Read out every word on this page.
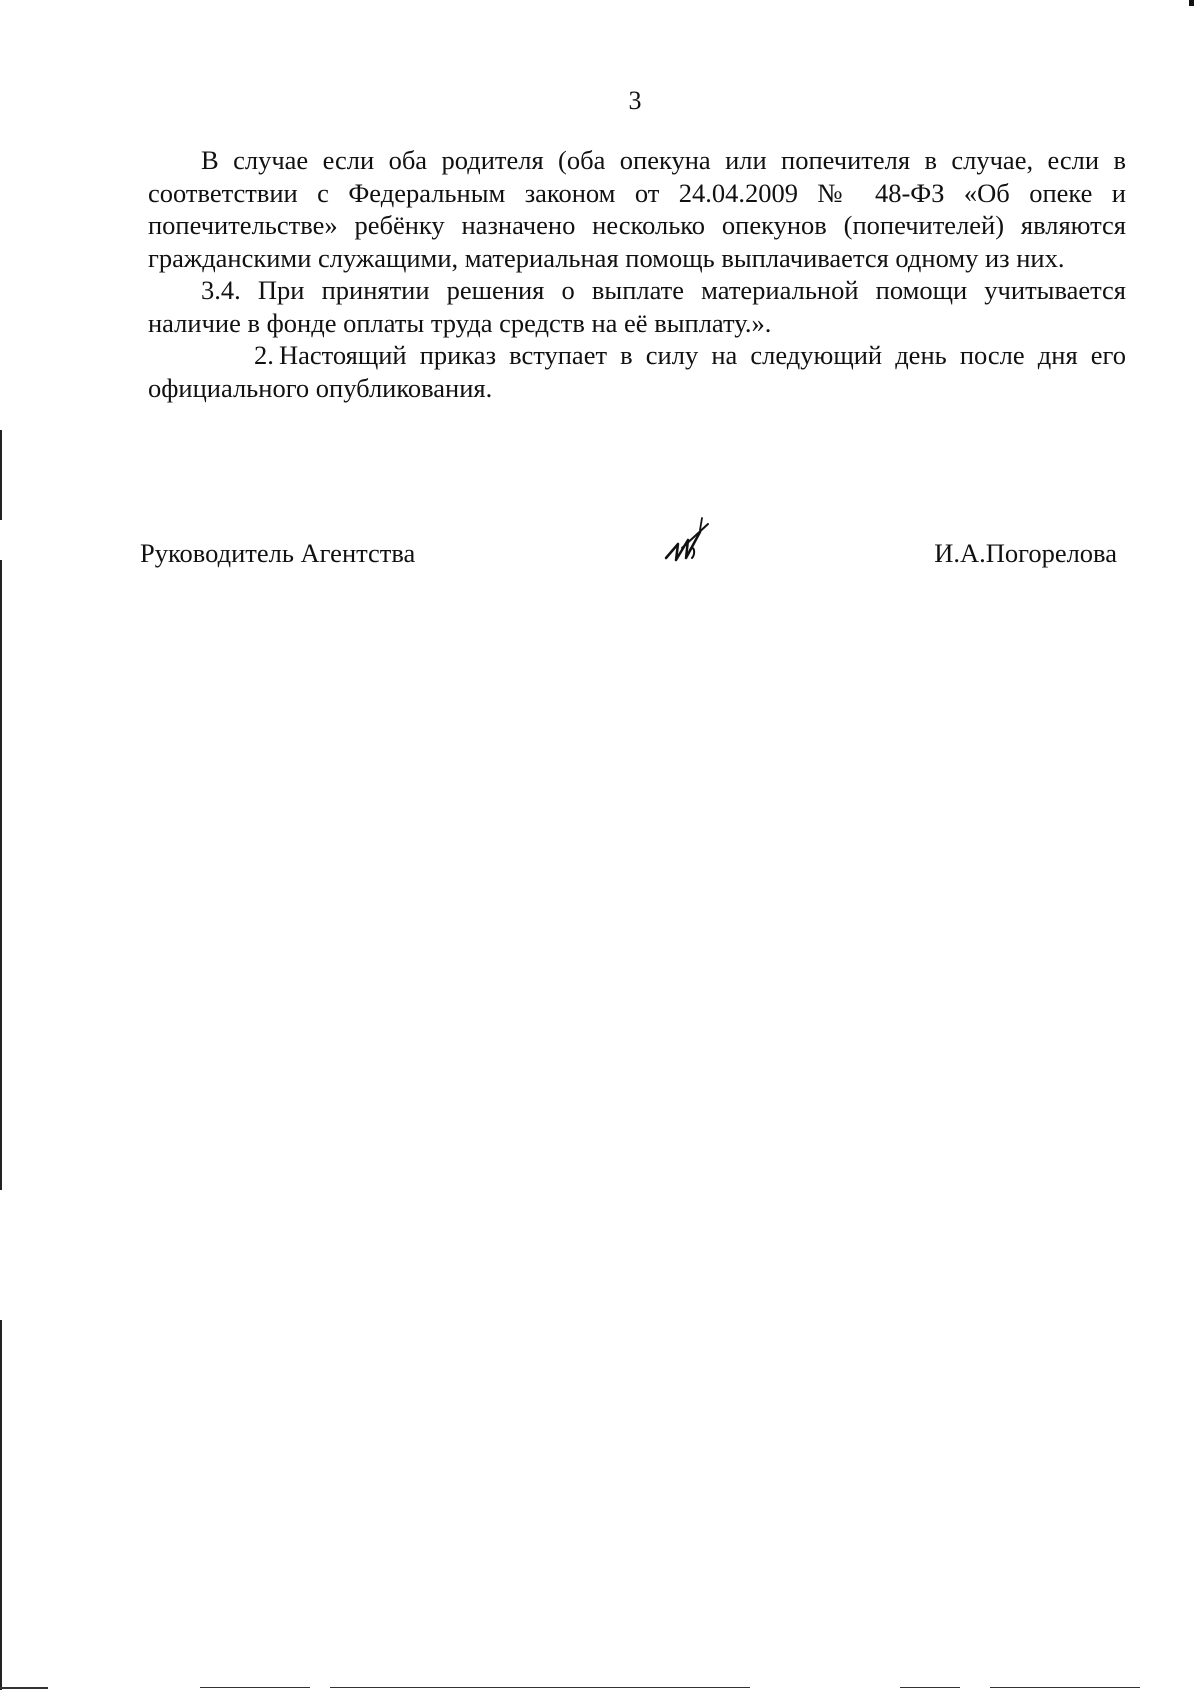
3

В случае если оба родителя (оба опекуна или попечителя в случае, если в соответствии с Федеральным законом от 24.04.2009 № 48-ФЗ «Об опеке и попечительстве» ребёнку назначено несколько опекунов (попечителей) являются гражданскими служащими, материальная помощь выплачивается одному из них.

3.4. При принятии решения о выплате материальной помощи учитывается наличие в фонде оплаты труда средств на её выплату.».

2. Настоящий приказ вступает в силу на следующий день после дня его официального опубликования.

Руководитель Агентства	И.А.Погорелова
